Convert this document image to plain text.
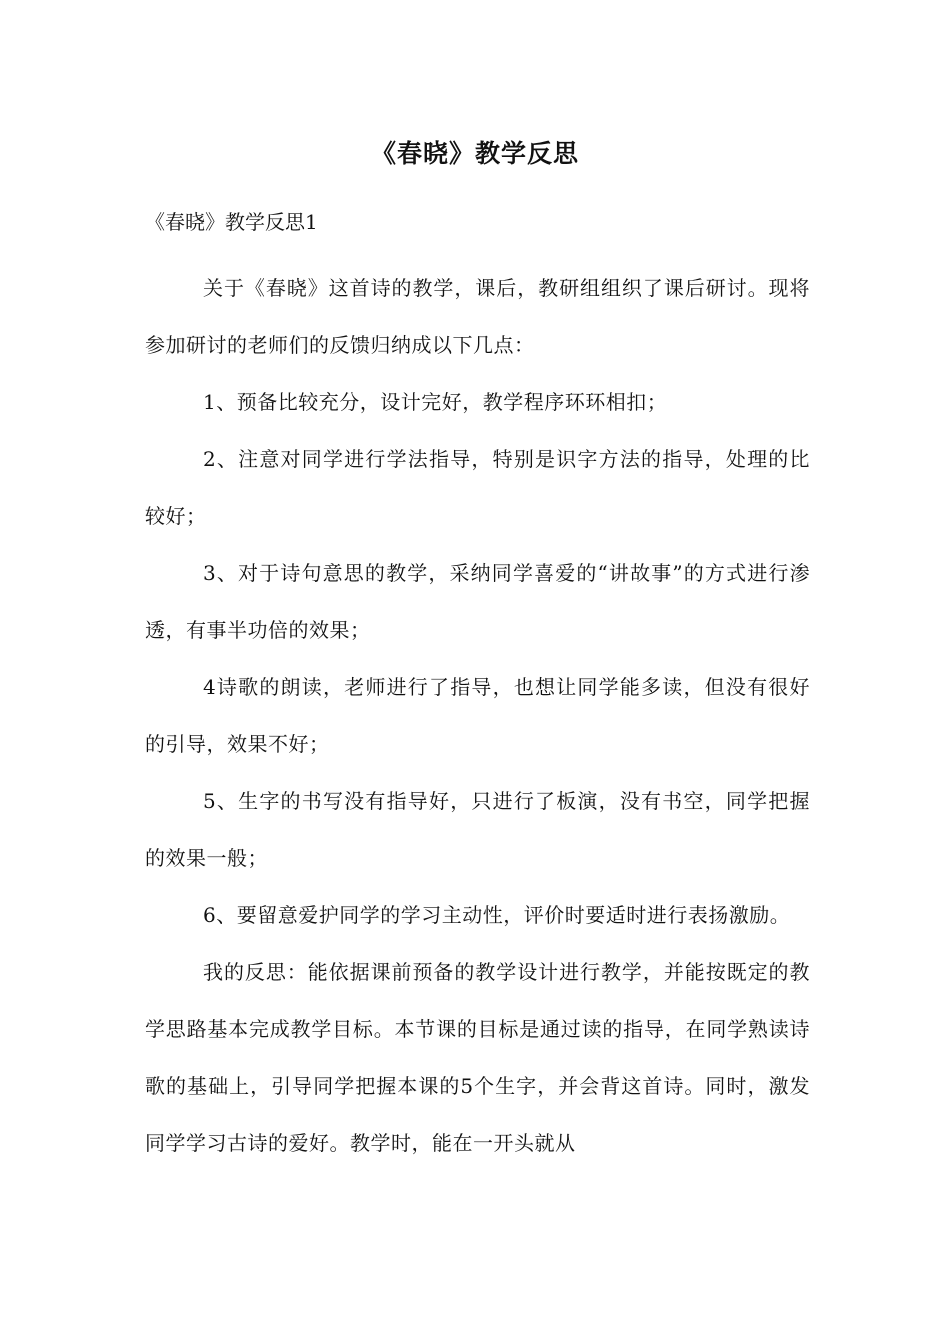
《春晓》教学反思
《春晓》教学反思1

关于《春晓》这首诗的教学，课后，教研组组织了课后研讨。现将参加研讨的老师们的反馈归纳成以下几点：

1、预备比较充分，设计完好，教学程序环环相扣；

2、注意对同学进行学法指导，特别是识字方法的指导，处理的比较好；

3、对于诗句意思的教学，采纳同学喜爱的“讲故事”的方式进行渗透，有事半功倍的效果；

4诗歌的朗读，老师进行了指导，也想让同学能多读，但没有很好的引导，效果不好；

5、生字的书写没有指导好，只进行了板演，没有书空，同学把握的效果一般；

6、要留意爱护同学的学习主动性，评价时要适时进行表扬激励。

我的反思：能依据课前预备的教学设计进行教学，并能按既定的教学思路基本完成教学目标。本节课的目标是通过读的指导，在同学熟读诗歌的基础上，引导同学把握本课的5个生字，并会背这首诗。同时，激发同学学习古诗的爱好。教学时，能在一开头就从
